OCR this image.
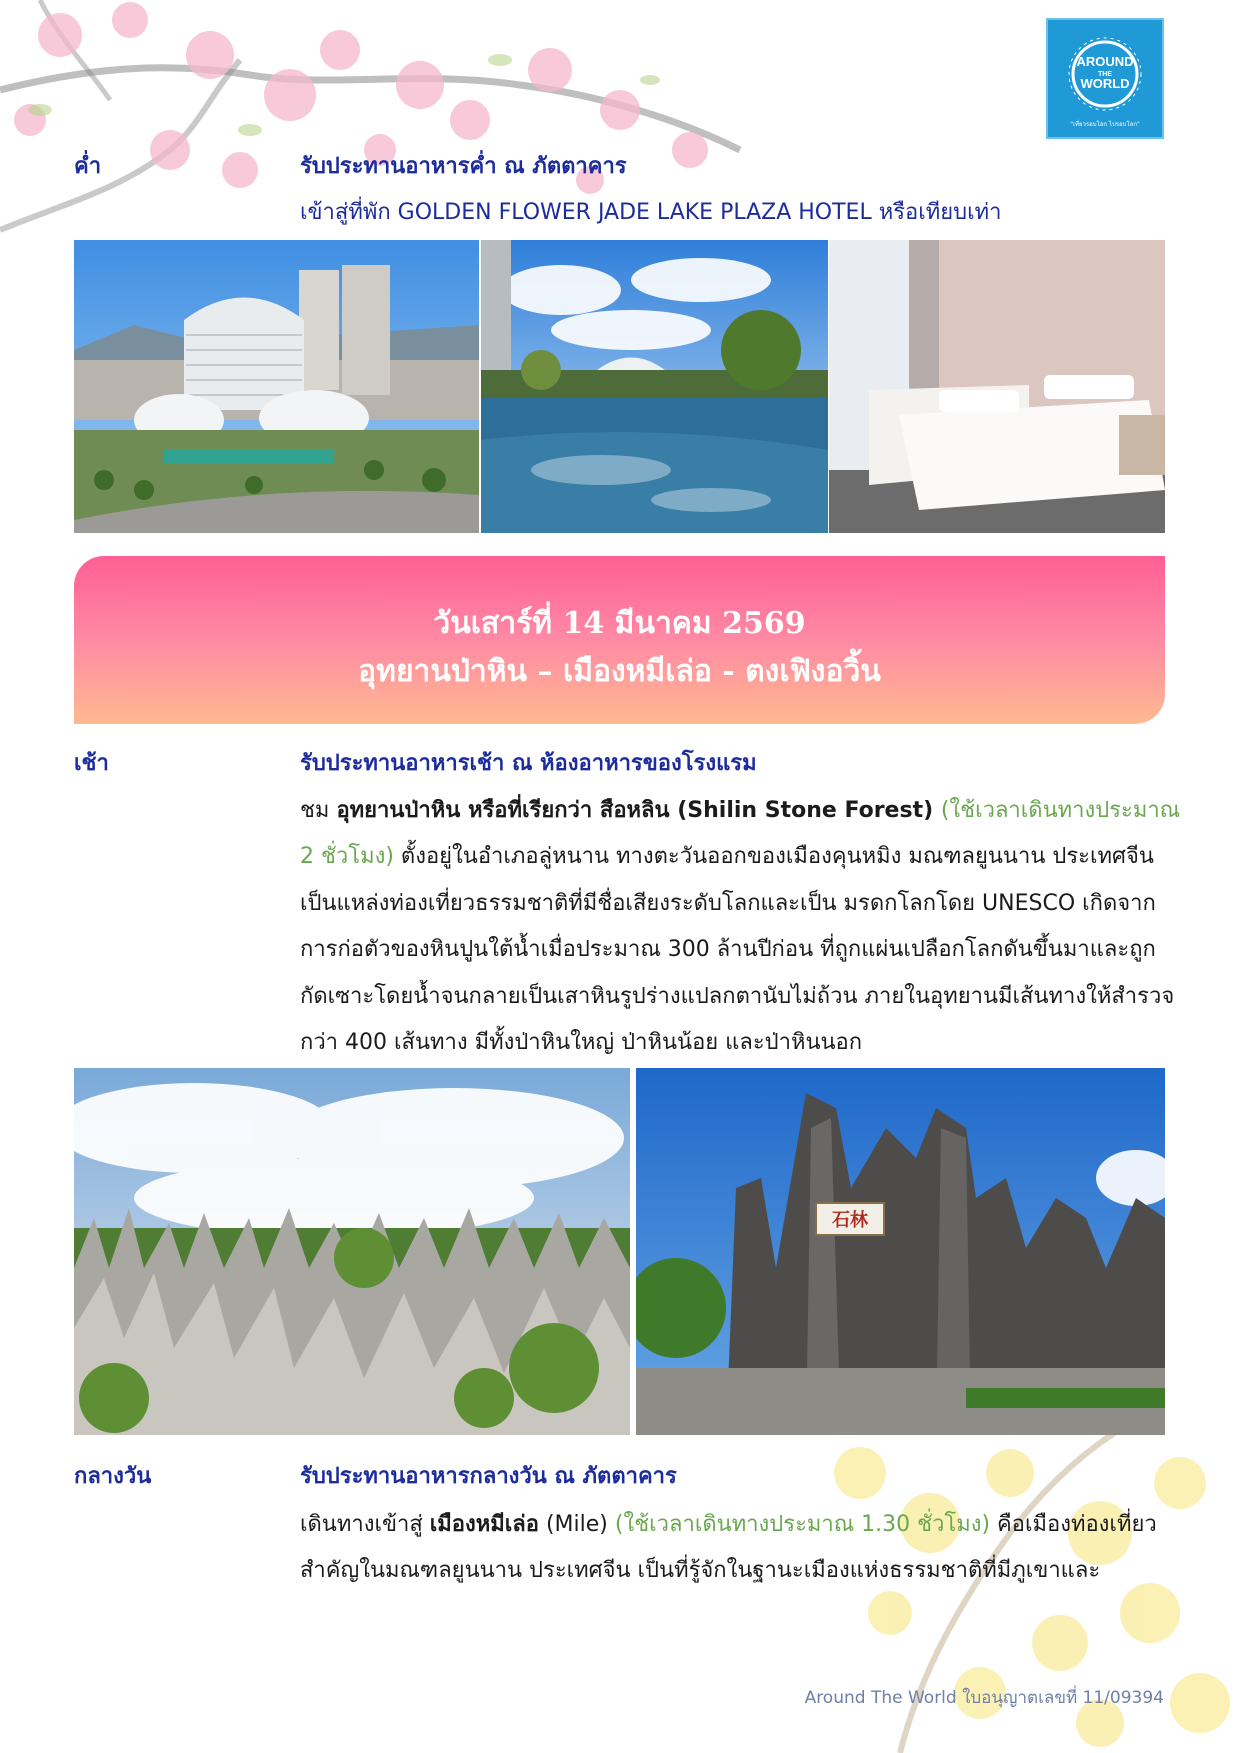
AROUND
THE
WORLD
"เที่ยวรอบโลก ไปรอบโลก"
ค่ำ	รับประทานอาหารค่ำ ณ ภัตตาคาร
เข้าสู่ที่พัก GOLDEN FLOWER JADE LAKE PLAZA HOTEL หรือเทียบเท่า
วันเสาร์ที่ 14 มีนาคม 2569
อุทยานป่าหิน – เมืองหมีเล่อ - ตงเฟิงอวิ้น
เช้า	รับประทานอาหารเช้า ณ ห้องอาหารของโรงแรม
ชม อุทยานป่าหิน หรือที่เรียกว่า สือหลิน (Shilin Stone Forest) (ใช้เวลาเดินทางประมาณ
2 ชั่วโมง) ตั้งอยู่ในอำเภอลู่หนาน ทางตะวันออกของเมืองคุนหมิง มณฑลยูนนาน ประเทศจีน
เป็นแหล่งท่องเที่ยวธรรมชาติที่มีชื่อเสียงระดับโลกและเป็น มรดกโลกโดย UNESCO เกิดจาก
การก่อตัวของหินปูนใต้น้ำเมื่อประมาณ 300 ล้านปีก่อน ที่ถูกแผ่นเปลือกโลกดันขึ้นมาและถูก
กัดเซาะโดยน้ำจนกลายเป็นเสาหินรูปร่างแปลกตานับไม่ถ้วน ภายในอุทยานมีเส้นทางให้สำรวจ
กว่า 400 เส้นทาง มีทั้งป่าหินใหญ่ ป่าหินน้อย และป่าหินนอก
石林
กลางวัน	รับประทานอาหารกลางวัน ณ ภัตตาคาร
เดินทางเข้าสู่ เมืองหมีเล่อ (Mile) (ใช้เวลาเดินทางประมาณ 1.30 ชั่วโมง) คือเมืองท่องเที่ยว
สำคัญในมณฑลยูนนาน ประเทศจีน เป็นที่รู้จักในฐานะเมืองแห่งธรรมชาติที่มีภูเขาและ
Around The World ใบอนุญาตเลขที่ 11/09394
